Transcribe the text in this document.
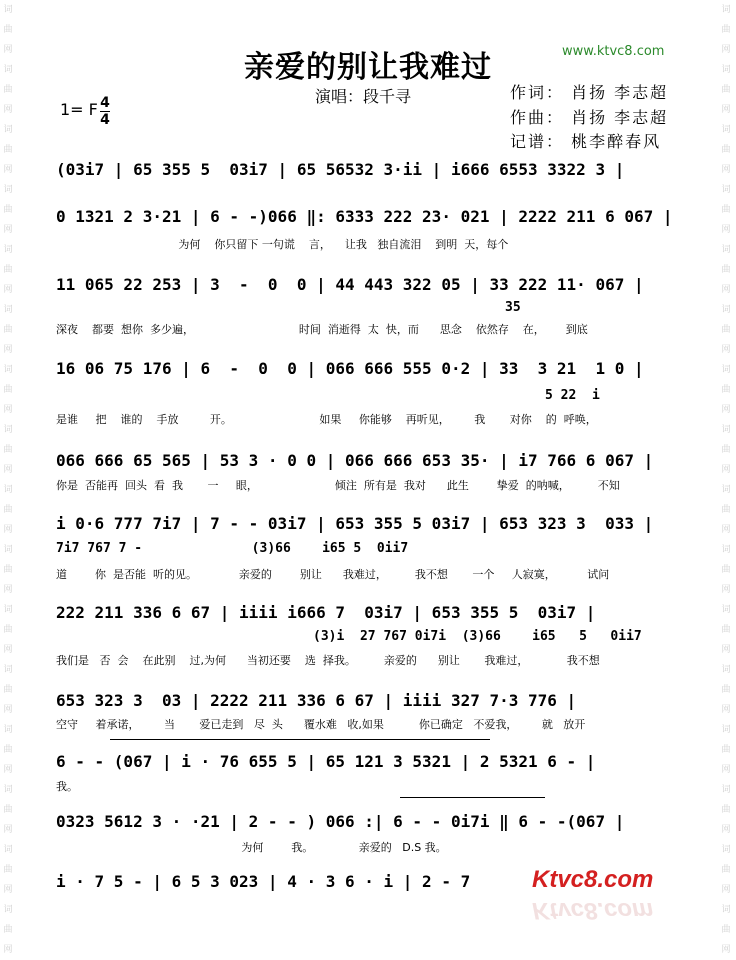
词
曲
网
词
曲
网
词
曲
网
词
曲
网
词
曲
网
词
曲
网
词
曲
网
词
曲
网
词
曲
网
词
曲
网
词
曲
网
词
曲
网
词
曲
网
词
曲
网
词
曲
网
词
曲
网
词
曲
网
词
曲
网
词
曲
网
词
曲
网
词
曲
网
词
曲
网
词
曲
网
词
曲
网
词
曲
网
词
曲
网
词
曲
网
词
曲
网
词
曲
网
词
曲
网
词
曲
网
词
曲
网
亲爱的别让我难过	www.ktvc8.com
演唱：段千寻
1= F 4
4
作词： 肖扬 李志超
作曲： 肖扬 李志超
记谱： 桃李醉春风
(03i7 | 65 355 5  03i7 | 65 56532 3·ii | i666 6553 3322 3 |
0 1321 2 3·21 | 6 - -)066 ‖: 6333 222 23· 021 | 2222 211 6 067 |
为何    你只留下 一句谎    言，    让我   独自流泪    到明  天，每个
11 065 22 253 | 3  -  0  0 | 44 443 322 05 | 33 222 11· 067 |
35
深夜    都要  想你  多少遍，                              时间  消逝得  太  快，而      思念    依然存    在，      到底
16 06 75 176 | 6  -  0  0 | 066 666 555 0·2 | 33  3 21  1 0 |
5 22  i
是谁     把    谁的    手放         开。                         如果     你能够    再听见，       我       对你    的  呼唤，
066 666 65 565 | 53 3 · 0 0 | 066 666 653 35· | i7 766 6 067 |
你是  否能再  回头  看  我       一     眼，                      倾注  所有是  我对      此生        挚爱  的呐喊，        不知
i 0·6 777 7i7 | 7 - - 03i7 | 653 355 5 03i7 | 653 323 3  033 |
7i7 767 7 -              (3)66    i65 5  0ii7
道        你  是否能  听的见。            亲爱的        别让      我难过，        我不想       一个     人寂寞，         试问
222 211 336 6 67 | iiii i666 7  03i7 | 653 355 5  03i7 |
(3)i  27 767 0i7i  (3)66    i65   5   0ii7
我们是   否  会    在此别    过,为何      当初还要    选  择我。        亲爱的      别让       我难过，           我不想
653 323 3  03 | 2222 211 336 6 67 | iiii 327 7·3 776 |
空守     着承诺，       当       爱已走到   尽  头      覆水难   收,如果          你已确定   不爱我，       就   放开
6 - - (067 | i · 76 655 5 | 65 121 3 5321 | 2 5321 6 - |
我。
0323 5612 3 · ·21 | 2 - - ) 066 :| 6 - - 0i7i ‖ 6 - -(067 |
为何        我。             亲爱的   D.S 我。
i · 7 5 - | 6 5 3 023 | 4 · 3 6 · i | 2 - 7	Ktvc8.com
Ktvc8.com
